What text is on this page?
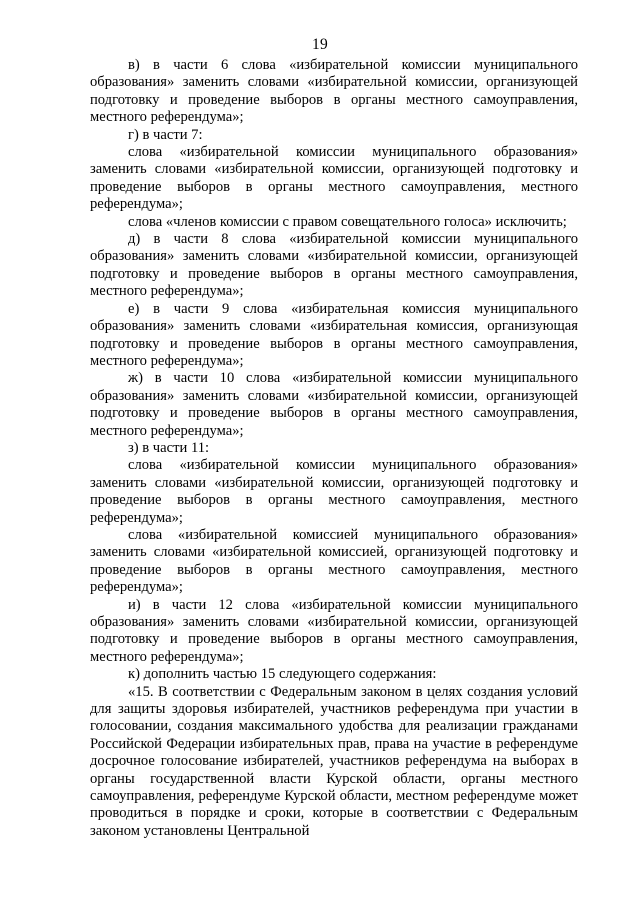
19

в) в части 6 слова «избирательной комиссии муниципального образования» заменить словами «избирательной комиссии, организующей подготовку и проведение выборов в органы местного самоуправления, местного референдума»;

г) в части 7:

слова «избирательной комиссии муниципального образования» заменить словами «избирательной комиссии, организующей подготовку и проведение выборов в органы местного самоуправления, местного референдума»;

слова «членов комиссии с правом совещательного голоса» исключить;

д) в части 8 слова «избирательной комиссии муниципального образования» заменить словами «избирательной комиссии, организующей подготовку и проведение выборов в органы местного самоуправления, местного референдума»;

е) в части 9 слова «избирательная комиссия муниципального образования» заменить словами «избирательная комиссия, организующая подготовку и проведение выборов в органы местного самоуправления, местного референдума»;

ж) в части 10 слова «избирательной комиссии муниципального образования» заменить словами «избирательной комиссии, организующей подготовку и проведение выборов в органы местного самоуправления, местного референдума»;

з) в части 11:

слова «избирательной комиссии муниципального образования» заменить словами «избирательной комиссии, организующей подготовку и проведение выборов в органы местного самоуправления, местного референдума»;

слова «избирательной комиссией муниципального образования» заменить словами «избирательной комиссией, организующей подготовку и проведение выборов в органы местного самоуправления, местного референдума»;

и) в части 12 слова «избирательной комиссии муниципального образования» заменить словами «избирательной комиссии, организующей подготовку и проведение выборов в органы местного самоуправления, местного референдума»;

к) дополнить частью 15 следующего содержания:

«15. В соответствии с Федеральным законом в целях создания условий для защиты здоровья избирателей, участников референдума при участии в голосовании, создания максимального удобства для реализации гражданами Российской Федерации избирательных прав, права на участие в референдуме досрочное голосование избирателей, участников референдума на выборах в органы государственной власти Курской области, органы местного самоуправления, референдуме Курской области, местном референдуме может проводиться в порядке и сроки, которые в соответствии с Федеральным законом установлены Центральной
